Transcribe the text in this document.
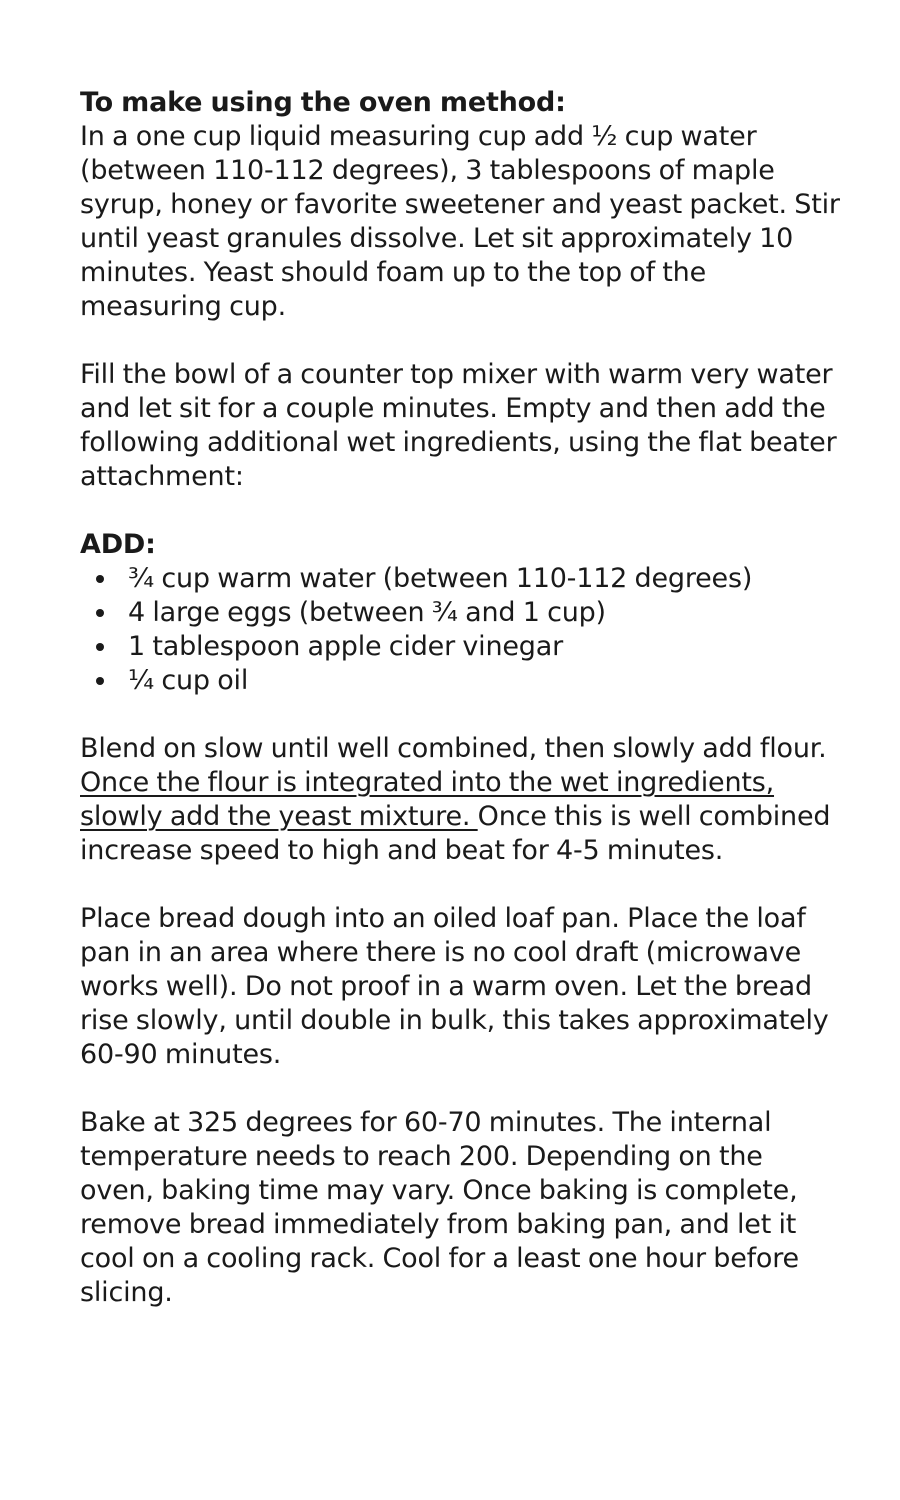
To make using the oven method:

In a one cup liquid measuring cup add ½ cup water (between 110-112 degrees), 3 tablespoons of maple syrup, honey or favorite sweetener and yeast packet. Stir until yeast granules dissolve. Let sit approximately 10 minutes. Yeast should foam up to the top of the measuring cup.

Fill the bowl of a counter top mixer with warm very water and let sit for a couple minutes. Empty and then add the following additional wet ingredients, using the flat beater attachment:

ADD:

¾ cup warm water (between 110-112 degrees)
4 large eggs (between ¾ and 1 cup)
1 tablespoon apple cider vinegar
¼ cup oil

Blend on slow until well combined, then slowly add flour. Once the flour is integrated into the wet ingredients, slowly add the yeast mixture. Once this is well combined increase speed to high and beat for 4-5 minutes.

Place bread dough into an oiled loaf pan. Place the loaf pan in an area where there is no cool draft (microwave works well). Do not proof in a warm oven. Let the bread rise slowly, until double in bulk, this takes approximately 60-90 minutes.

Bake at 325 degrees for 60-70 minutes. The internal temperature needs to reach 200. Depending on the oven, baking time may vary. Once baking is complete, remove bread immediately from baking pan, and let it cool on a cooling rack. Cool for a least one hour before slicing.
